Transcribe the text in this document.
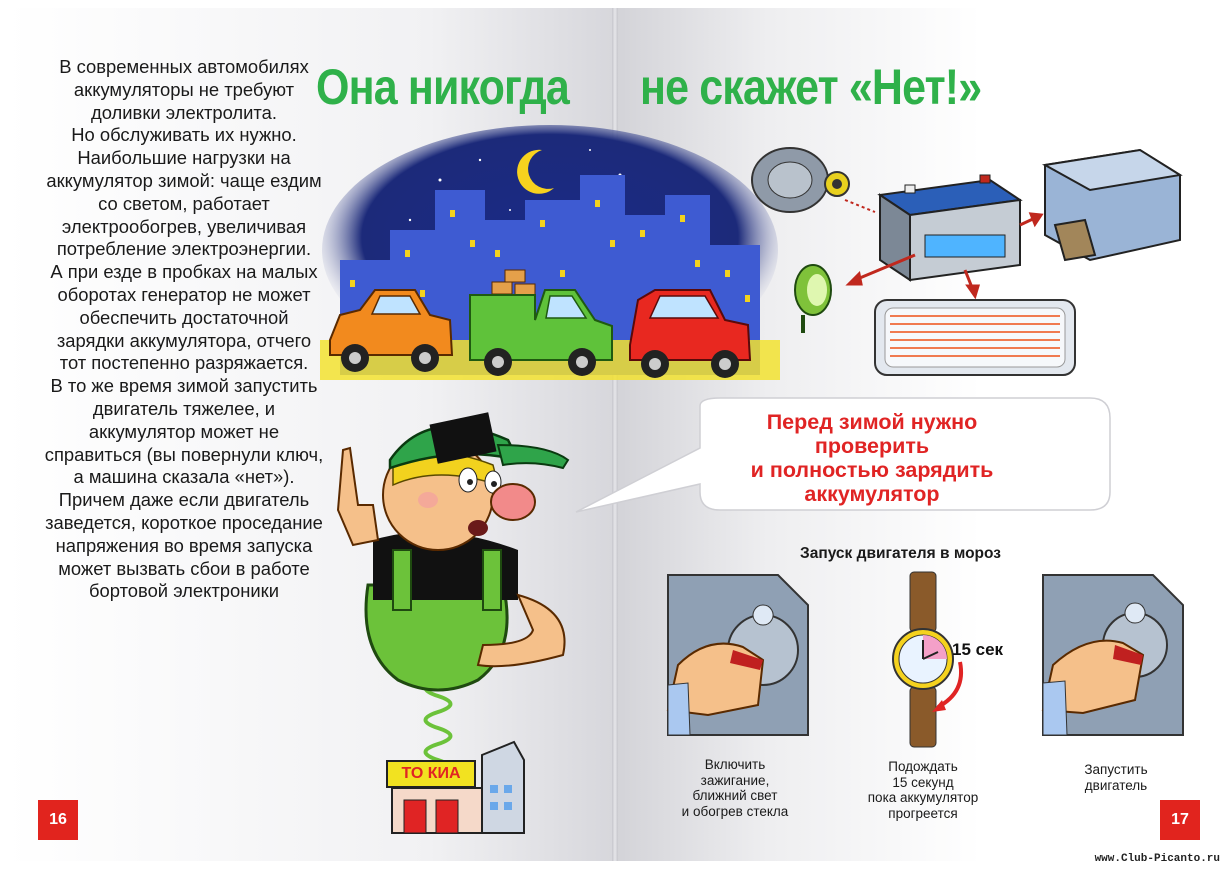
Она никогда не скажет «Нет!»

В современных автомобилях аккумуляторы не требуют доливки электролита.

Но обслуживать их нужно. Наибольшие нагрузки на аккумулятор зимой: чаще ездим со светом, работает электрообогрев, увеличивая потребление электроэнергии.

А при езде в пробках на малых оборотах генератор не может обеспечить достаточной зарядки аккумулятора, отчего тот постепенно разряжается.

В то же время зимой запустить двигатель тяжелее, и аккумулятор может не справиться (вы повернули ключ, а машина сказала «нет»). Причем даже если двигатель заведется, короткое проседание напряжения во время запуска может вызвать сбои в работе бортовой электроники

Перед зимой нужно

проверить

и полностью зарядить

аккумулятор

ТО КИА
Запуск двигателя в мороз
15 сек

Включить

зажигание,

ближний свет

и обогрев стекла

Подождать

15 секунд

пока аккумулятор

прогреется

Запустить

двигатель

16	17
www.Club-Picanto.ru
